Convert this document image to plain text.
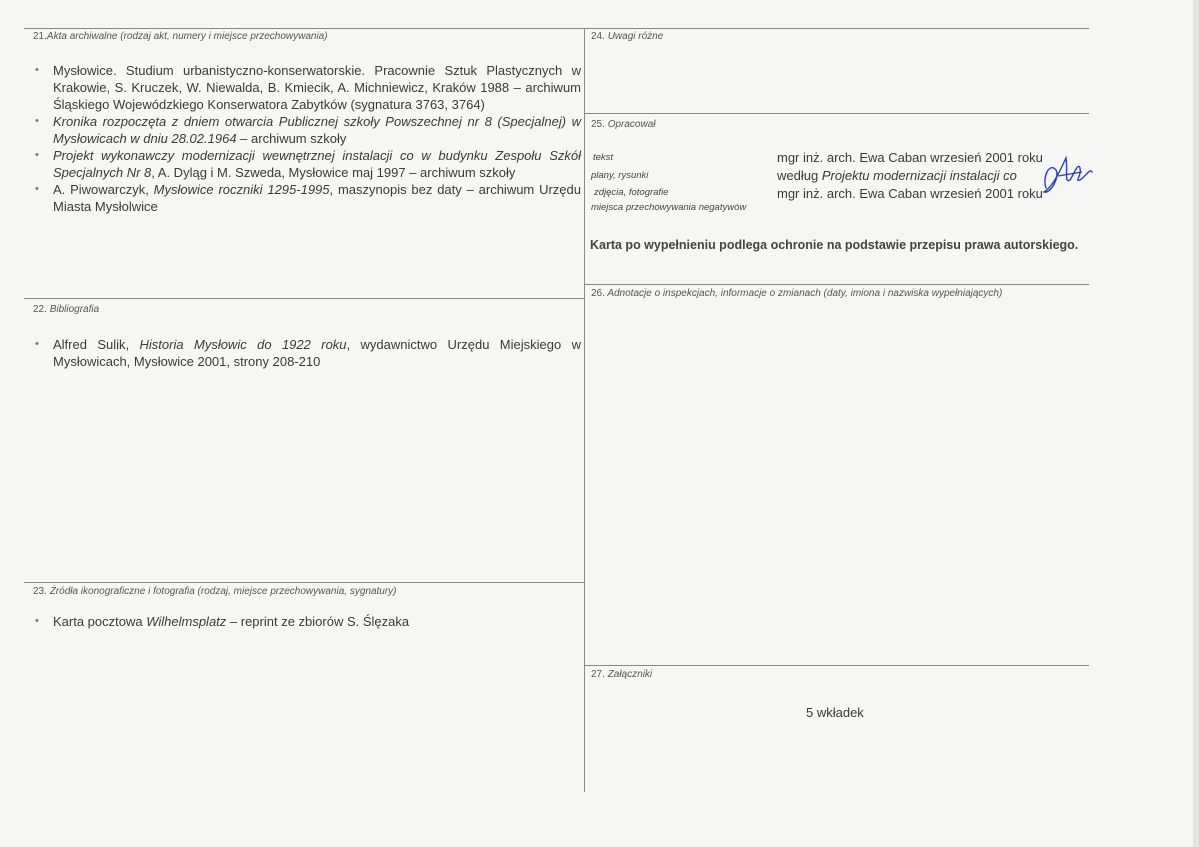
21.Akta archiwalne (rodzaj akt, numery i miejsce przechowywania)
• Mysłowice. Studium urbanistyczno-konserwatorskie. Pracownie Sztuk Plastycznych w Krakowie, S. Kruczek, W. Niewalda, B. Kmiecik, A. Michniewicz, Kraków 1988 – archiwum Śląskiego Wojewódzkiego Konserwatora Zabytków (sygnatura 3763, 3764)
• Kronika rozpoczęta z dniem otwarcia Publicznej szkoły Powszechnej nr 8 (Specjalnej) w Mysłowicach w dniu 28.02.1964 – archiwum szkoły
• Projekt wykonawczy modernizacji wewnętrznej instalacji co w budynku Zespołu Szkół Specjalnych Nr 8, A. Dyląg i M. Szweda, Mysłowice maj 1997 – archiwum szkoły
• A. Piwowarczyk, Mysłowice roczniki 1295-1995, maszynopis bez daty – archiwum Urzędu Miasta Mysłolwice
22. Bibliografia
• Alfred Sulik, Historia Mysłowic do 1922 roku, wydawnictwo Urzędu Miejskiego w Mysłowicach, Mysłowice 2001, strony 208-210
23. Źródła ikonograficzne i fotografia (rodzaj, miejsce przechowywania, sygnatury)
• Karta pocztowa Wilhelmsplatz – reprint ze zbiorów S. Ślęzaka
24. Uwagi różne
25. Opracował
tekst	mgr inż. arch. Ewa Caban wrzesień 2001 roku
plany, rysunki	według Projektu modernizacji instalacji co
zdjęcia, fotografie	mgr inż. arch. Ewa Caban wrzesień 2001 roku
miejsca przechowywania negatywów
Karta po wypełnieniu podlega ochronie na podstawie przepisu prawa autorskiego.
26. Adnotacje o inspekcjach, informacje o zmianach (daty, imiona i nazwiska wypełniających)
27. Załączniki
5 wkładek
